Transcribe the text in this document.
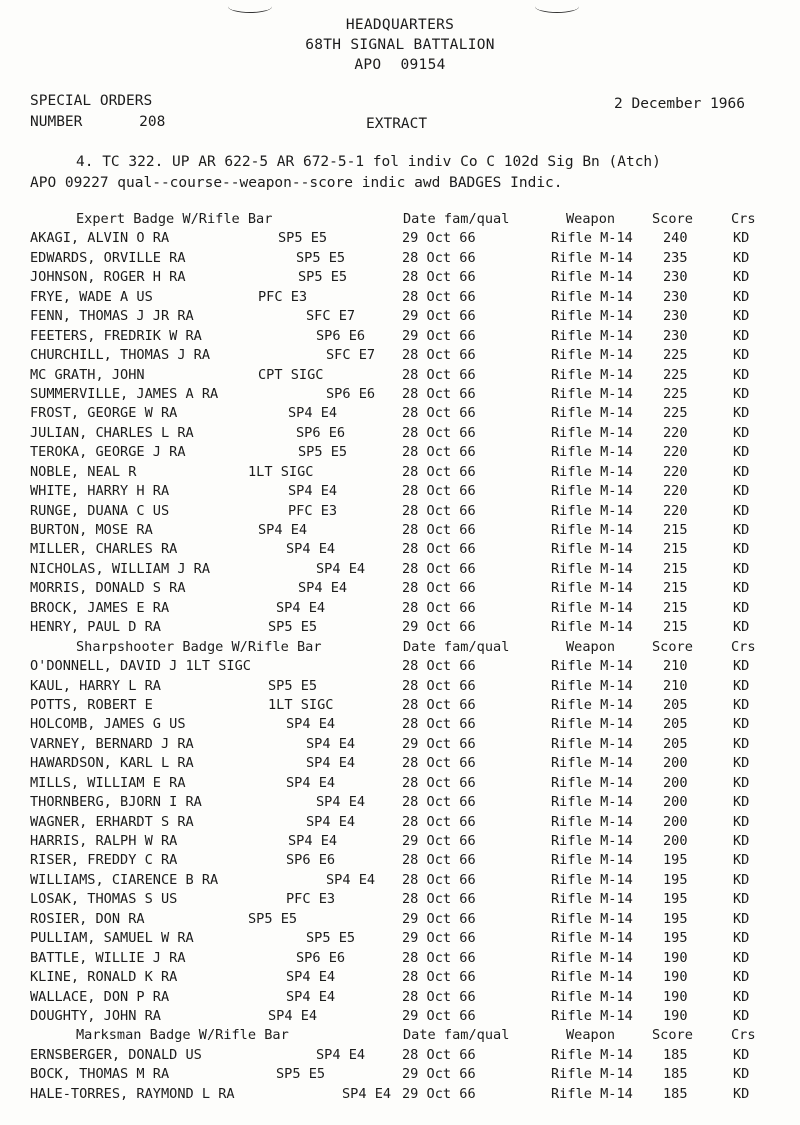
HEADQUARTERS
68TH SIGNAL BATTALION
APO 09154
SPECIAL ORDERS
NUMBER 208	EXTRACT
2 December 1966
4. TC 322. UP AR 622-5 AR 672-5-1 fol indiv Co C 102d Sig Bn (Atch)
APO 09227 qual--course--weapon--score indic awd BADGES Indic.
Expert Badge W/Rifle Bar	Date fam/qual	Weapon	Score	Crs
AKAGI, ALVIN O RA	SP5 E5	29 Oct 66	Rifle M-14 240	KD
EDWARDS, ORVILLE RA	SP5 E5	28 Oct 66	Rifle M-14 235	KD
JOHNSON, ROGER H RA	SP5 E5	28 Oct 66	Rifle M-14 230	KD
FRYE, WADE A US	PFC E3	28 Oct 66	Rifle M-14 230	KD
FENN, THOMAS J JR RA	SFC E7	29 Oct 66	Rifle M-14 230	KD
FEETERS, FREDRIK W RA	SP6 E6	29 Oct 66	Rifle M-14 230	KD
CHURCHILL, THOMAS J RA	SFC E7 28 Oct 66	Rifle M-14 225	KD
MC GRATH, JOHN	CPT SIGC	28 Oct 66	Rifle M-14 225	KD
SUMMERVILLE, JAMES A RA	SP6 E6 28 Oct 66	Rifle M-14 225	KD
FROST, GEORGE W RA	SP4 E4	28 Oct 66	Rifle M-14 225	KD
JULIAN, CHARLES L RA	SP6 E6	28 Oct 66	Rifle M-14 220	KD
TEROKA, GEORGE J RA	SP5 E5	28 Oct 66	Rifle M-14 220	KD
NOBLE, NEAL R	1LT SIGC	28 Oct 66	Rifle M-14 220	KD
WHITE, HARRY H RA	SP4 E4	28 Oct 66	Rifle M-14 220	KD
RUNGE, DUANA C US	PFC E3	28 Oct 66	Rifle M-14 220	KD
BURTON, MOSE RA	SP4 E4	28 Oct 66	Rifle M-14 215	KD
MILLER, CHARLES RA	SP4 E4	28 Oct 66	Rifle M-14 215	KD
NICHOLAS, WILLIAM J RA	SP4 E4	28 Oct 66	Rifle M-14 215	KD
MORRIS, DONALD S RA	SP4 E4	28 Oct 66	Rifle M-14 215	KD
BROCK, JAMES E RA	SP4 E4	28 Oct 66	Rifle M-14 215	KD
HENRY, PAUL D RA	SP5 E5	29 Oct 66	Rifle M-14 215	KD
Sharpshooter Badge W/Rifle Bar	Date fam/qual	Weapon	Score	Crs
O'DONNELL, DAVID J 1LT SIGC	28 Oct 66	Rifle M-14 210	KD
KAUL, HARRY L RA	SP5 E5	28 Oct 66	Rifle M-14 210	KD
POTTS, ROBERT E	1LT SIGC	28 Oct 66	Rifle M-14 205	KD
HOLCOMB, JAMES G US	SP4 E4	28 Oct 66	Rifle M-14 205	KD
VARNEY, BERNARD J RA	SP4 E4	29 Oct 66	Rifle M-14 205	KD
HAWARDSON, KARL L RA	SP4 E4	28 Oct 66	Rifle M-14 200	KD
MILLS, WILLIAM E RA	SP4 E4	28 Oct 66	Rifle M-14 200	KD
THORNBERG, BJORN I RA	SP4 E4	28 Oct 66	Rifle M-14 200	KD
WAGNER, ERHARDT S RA	SP4 E4	28 Oct 66	Rifle M-14 200	KD
HARRIS, RALPH W RA	SP4 E4	29 Oct 66	Rifle M-14 200	KD
RISER, FREDDY C RA	SP6 E6	28 Oct 66	Rifle M-14 195	KD
WILLIAMS, CIARENCE B RA	SP4 E4 28 Oct 66	Rifle M-14 195	KD
LOSAK, THOMAS S US	PFC E3	28 Oct 66	Rifle M-14 195	KD
ROSIER, DON RA	SP5 E5	29 Oct 66	Rifle M-14 195	KD
PULLIAM, SAMUEL W RA	SP5 E5	29 Oct 66	Rifle M-14 195	KD
BATTLE, WILLIE J RA	SP6 E6	28 Oct 66	Rifle M-14 190	KD
KLINE, RONALD K RA	SP4 E4	28 Oct 66	Rifle M-14 190	KD
WALLACE, DON P RA	SP4 E4	28 Oct 66	Rifle M-14 190	KD
DOUGHTY, JOHN RA	SP4 E4	29 Oct 66	Rifle M-14 190	KD
Marksman Badge W/Rifle Bar	Date fam/qual	Weapon	Score	Crs
ERNSBERGER, DONALD US	SP4 E4	28 Oct 66	Rifle M-14 185	KD
BOCK, THOMAS M RA	SP5 E5	29 Oct 66	Rifle M-14 185	KD
HALE-TORRES, RAYMOND L RA	SP4 E4 29 Oct 66	Rifle M-14 185	KD
